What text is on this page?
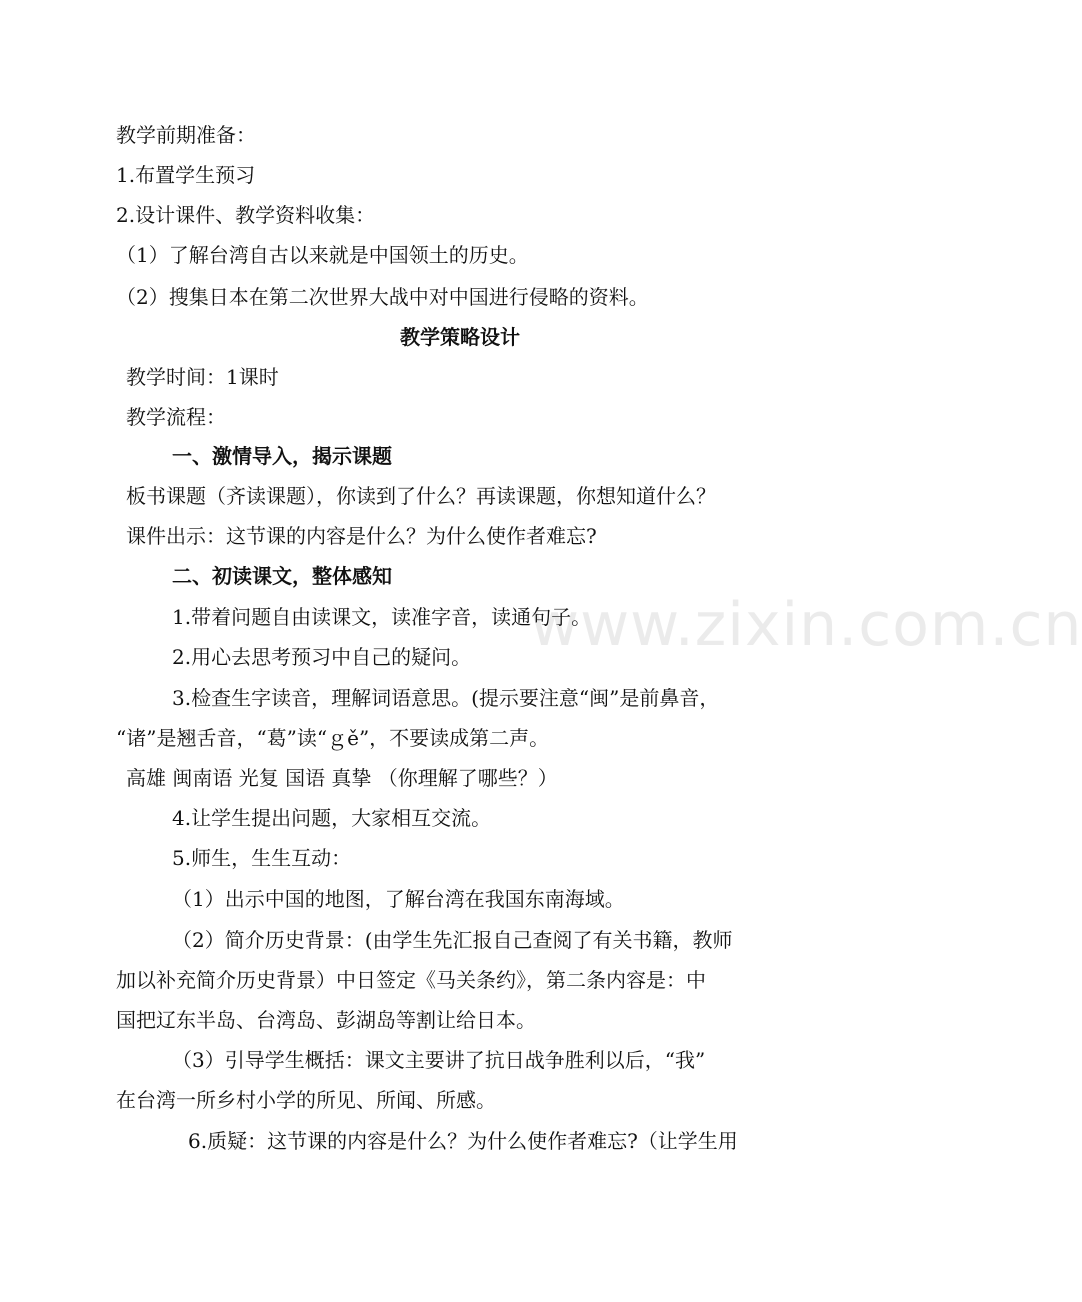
www.zixin.com.cn
教学前期准备：
1.布置学生预习
2.设计课件、教学资料收集：
（1）了解台湾自古以来就是中国领土的历史。
（2）搜集日本在第二次世界大战中对中国进行侵略的资料。
教学策略设计
教学时间：1课时
教学流程：
一、激情导入，揭示课题
板书课题（齐读课题），你读到了什么？再读课题，你想知道什么？
课件出示：这节课的内容是什么？为什么使作者难忘?
二、初读课文，整体感知
1.带着问题自由读课文，读准字音，读通句子。
2.用心去思考预习中自己的疑问。
3.检查生字读音，理解词语意思。(提示要注意“闽”是前鼻音，
“诸”是翘舌音，“葛”读“ｇě”，不要读成第二声。
高雄 闽南语 光复 国语 真挚 （你理解了哪些？）
4.让学生提出问题，大家相互交流。
5.师生，生生互动：
（1）出示中国的地图，了解台湾在我国东南海域。
（2）简介历史背景：(由学生先汇报自己查阅了有关书籍，教师
加以补充简介历史背景）中日签定《马关条约》，第二条内容是：中
国把辽东半岛、台湾岛、彭湖岛等割让给日本。
（3）引导学生概括：课文主要讲了抗日战争胜利以后，“我”
在台湾一所乡村小学的所见、所闻、所感。
6.质疑：这节课的内容是什么？为什么使作者难忘?（让学生用
